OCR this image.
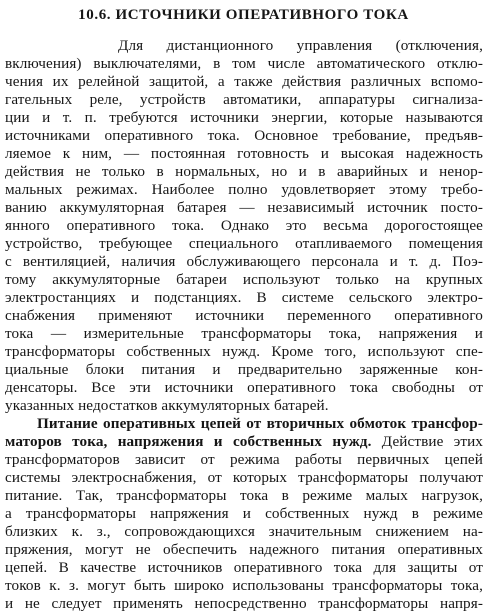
10.6. ИСТОЧНИКИ ОПЕРАТИВНОГО ТОКА
Для дистанционного управления (отключения,
включения) выключателями, в том числе автоматического отклю-
чения их релейной защитой, а также действия различных вспомо-
гательных реле, устройств автоматики, аппаратуры сигнализа-
ции и т. п. требуются источники энергии, которые называются
источниками оперативного тока. Основное требование, предъяв-
ляемое к ним, — постоянная готовность и высокая надежность
действия не только в нормальных, но и в аварийных и ненор-
мальных режимах. Наиболее полно удовлетворяет этому требо-
ванию аккумуляторная батарея — независимый источник посто-
янного оперативного тока. Однако это весьма дорогостоящее
устройство, требующее специального отапливаемого помещения
с вентиляцией, наличия обслуживающего персонала и т. д. Поэ-
тому аккумуляторные батареи используют только на крупных
электростанциях и подстанциях. В системе сельского электро-
снабжения применяют источники переменного оперативного
тока — измерительные трансформаторы тока, напряжения и
трансформаторы собственных нужд. Кроме того, используют спе-
циальные блоки питания и предварительно заряженные кон-
денсаторы. Все эти источники оперативного тока свободны от
указанных недостатков аккумуляторных батарей.
Питание оперативных цепей от вторичных обмоток трансфор-
маторов тока, напряжения и собственных нужд. Действие этих
трансформаторов зависит от режима работы первичных цепей
системы электроснабжения, от которых трансформаторы получают
питание. Так, трансформаторы тока в режиме малых нагрузок,
а трансформаторы напряжения и собственных нужд в режиме
близких к. з., сопровождающихся значительным снижением на-
пряжения, могут не обеспечить надежного питания оперативных
цепей. В качестве источников оперативного тока для защиты от
токов к. з. могут быть широко использованы трансформаторы тока,
и не следует применять непосредственно трансформаторы напря-
